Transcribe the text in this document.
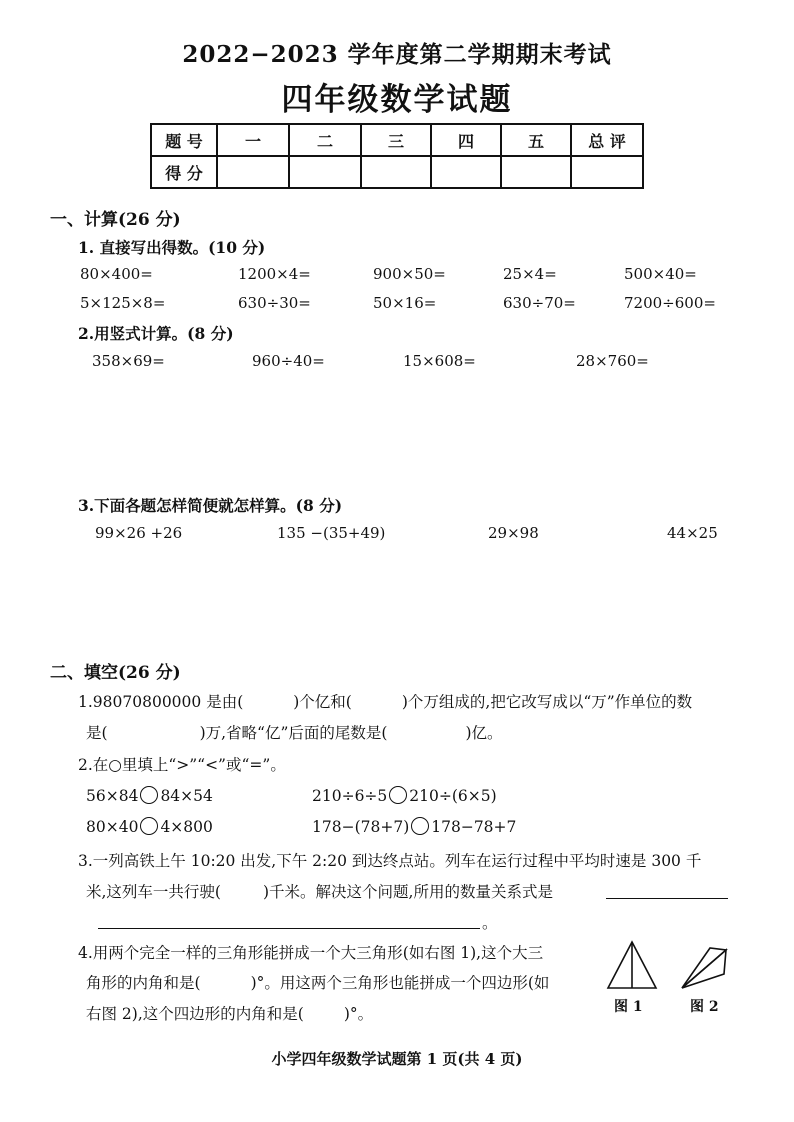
2022−2023 学年度第二学期期末考试
四年级数学试题
题 号	一	二	三	四	五	总 评
得 分						
一、计算(26 分)
1. 直接写出得数。(10 分)
80×400=	1200×4=	900×50=	25×4=	500×40=
5×125×8=	630÷30=	50×16=	630÷70=	7200÷600=
2.用竖式计算。(8 分)
358×69=	960÷40=	15×608=	28×760=
3.下面各题怎样简便就怎样算。(8 分)
99×26 +26	135 −(35+49)	29×98	44×25
二、填空(26 分)
1.98070800000 是由(	)个亿和(	)个万组成的,把它改写成以“万”作单位的数
是(	)万,省略“亿”后面的尾数是(	)亿。
2.在○里填上“>”“<”或“=”。
56×84 84×54	210÷6÷5 210÷(6×5)
80×40 4×800	178−(78+7) 178−78+7
3.一列高铁上午 10:20 出发,下午 2:20 到达终点站。列车在运行过程中平均时速是 300 千
米,这列车一共行驶(	)千米。解决这个问题,所用的数量关系式是
。
4.用两个完全一样的三角形能拼成一个大三角形(如右图 1),这个大三
角形的内角和是(	)°。用这两个三角形也能拼成一个四边形(如
右图 2),这个四边形的内角和是(	)°。	图 1	图 2
小学四年级数学试题第 1 页(共 4 页)
